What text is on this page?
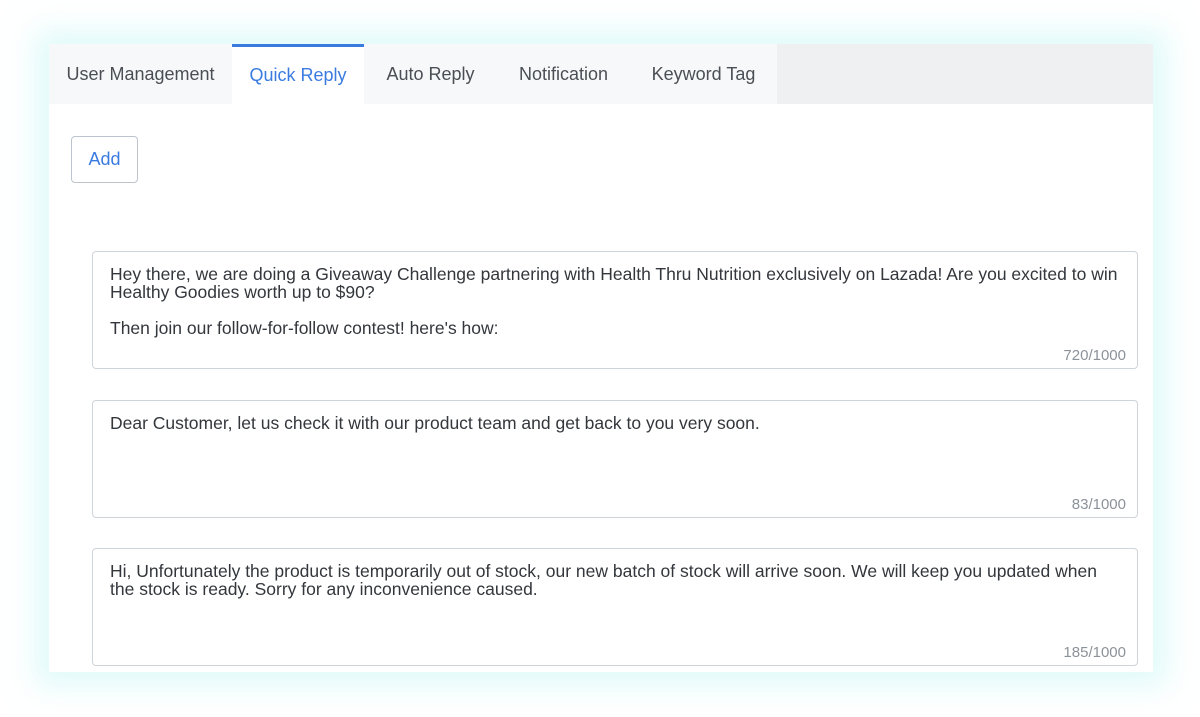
User Management Quick Reply Auto Reply Notification Keyword Tag
Add
Hey there, we are doing a Giveaway Challenge partnering with Health Thru Nutrition exclusively on Lazada! Are you excited to win Healthy Goodies worth up to $90?

Then join our follow-for-follow contest! here's how:
720/1000
Dear Customer, let us check it with our product team and get back to you very soon.
83/1000
Hi, Unfortunately the product is temporarily out of stock, our new batch of stock will arrive soon. We will keep you updated when the stock is ready. Sorry for any inconvenience caused.
185/1000
